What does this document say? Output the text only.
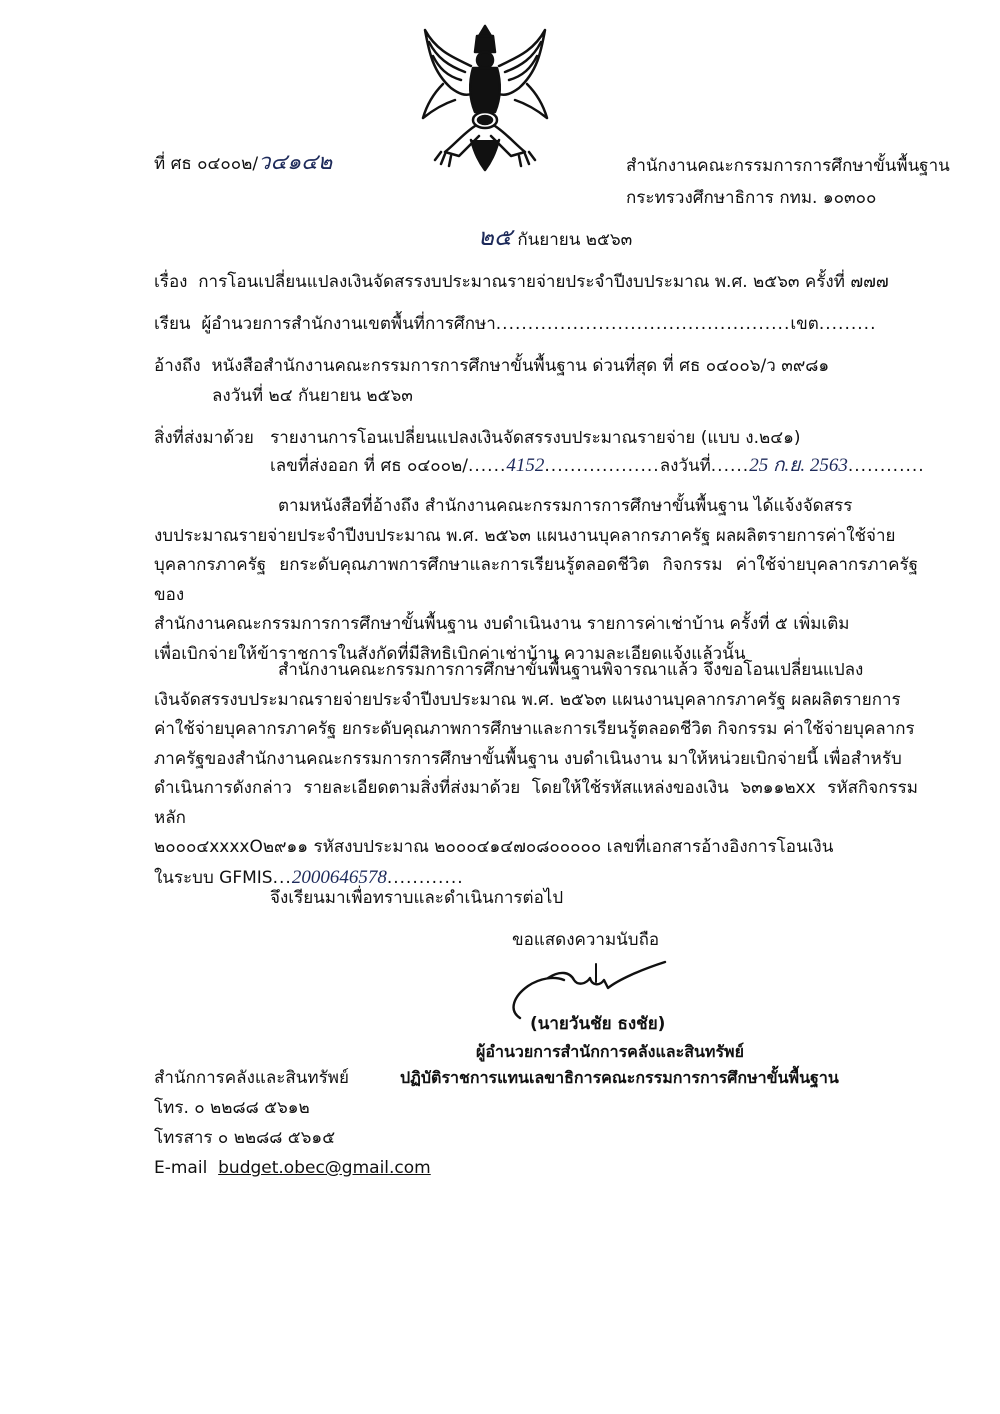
ที่ ศธ ๐๔๐๐๒/ว๔๑๔๒	สำนักงานคณะกรรมการการศึกษาขั้นพื้นฐาน
กระทรวงศึกษาธิการ กทม. ๑๐๓๐๐
๒๕ กันยายน ๒๕๖๓
เรื่อง การโอนเปลี่ยนแปลงเงินจัดสรรงบประมาณรายจ่ายประจำปีงบประมาณ พ.ศ. ๒๕๖๓ ครั้งที่ ๗๗๗
เรียน ผู้อำนวยการสำนักงานเขตพื้นที่การศึกษา..............................................เขต.........
อ้างถึง หนังสือสำนักงานคณะกรรมการการศึกษาขั้นพื้นฐาน ด่วนที่สุด ที่ ศธ ๐๔๐๐๖/ว ๓๙๘๑
ลงวันที่ ๒๔ กันยายน ๒๕๖๓
สิ่งที่ส่งมาด้วย รายงานการโอนเปลี่ยนแปลงเงินจัดสรรงบประมาณรายจ่าย (แบบ ง.๒๔๑)
เลขที่ส่งออก ที่ ศธ ๐๔๐๐๒/......4152..................ลงวันที่......25 ก.ย. 2563............
ตามหนังสือที่อ้างถึง สำนักงานคณะกรรมการการศึกษาขั้นพื้นฐาน ได้แจ้งจัดสรร
งบประมาณรายจ่ายประจำปีงบประมาณ พ.ศ. ๒๕๖๓ แผนงานบุคลากรภาครัฐ ผลผลิตรายการค่าใช้จ่าย
บุคลากรภาครัฐ ยกระดับคุณภาพการศึกษาและการเรียนรู้ตลอดชีวิต กิจกรรม ค่าใช้จ่ายบุคลากรภาครัฐของ
สำนักงานคณะกรรมการการศึกษาขั้นพื้นฐาน งบดำเนินงาน รายการค่าเช่าบ้าน ครั้งที่ ๕ เพิ่มเติม
เพื่อเบิกจ่ายให้ข้าราชการในสังกัดที่มีสิทธิเบิกค่าเช่าบ้าน ความละเอียดแจ้งแล้วนั้น
สำนักงานคณะกรรมการการศึกษาขั้นพื้นฐานพิจารณาแล้ว จึงขอโอนเปลี่ยนแปลง
เงินจัดสรรงบประมาณรายจ่ายประจำปีงบประมาณ พ.ศ. ๒๕๖๓ แผนงานบุคลากรภาครัฐ ผลผลิตรายการ
ค่าใช้จ่ายบุคลากรภาครัฐ ยกระดับคุณภาพการศึกษาและการเรียนรู้ตลอดชีวิต กิจกรรม ค่าใช้จ่ายบุคลากร
ภาครัฐของสำนักงานคณะกรรมการการศึกษาขั้นพื้นฐาน งบดำเนินงาน มาให้หน่วยเบิกจ่ายนี้ เพื่อสำหรับ
ดำเนินการดังกล่าว รายละเอียดตามสิ่งที่ส่งมาด้วย โดยให้ใช้รหัสแหล่งของเงิน ๖๓๑๑๒xx รหัสกิจกรรมหลัก
๒๐๐๐๔xxxxO๒๙๑๑ รหัสงบประมาณ ๒๐๐๐๔๑๔๗๐๘๐๐๐๐๐ เลขที่เอกสารอ้างอิงการโอนเงิน
ในระบบ GFMIS...2000646578............
จึงเรียนมาเพื่อทราบและดำเนินการต่อไป
ขอแสดงความนับถือ
(นายวันชัย ธงชัย)
ผู้อำนวยการสำนักการคลังและสินทรัพย์
ปฏิบัติราชการแทนเลขาธิการคณะกรรมการการศึกษาขั้นพื้นฐาน
สำนักการคลังและสินทรัพย์
โทร. ๐ ๒๒๘๘ ๕๖๑๒
โทรสาร ๐ ๒๒๘๘ ๕๖๑๕
E-mail budget.obec@gmail.com
